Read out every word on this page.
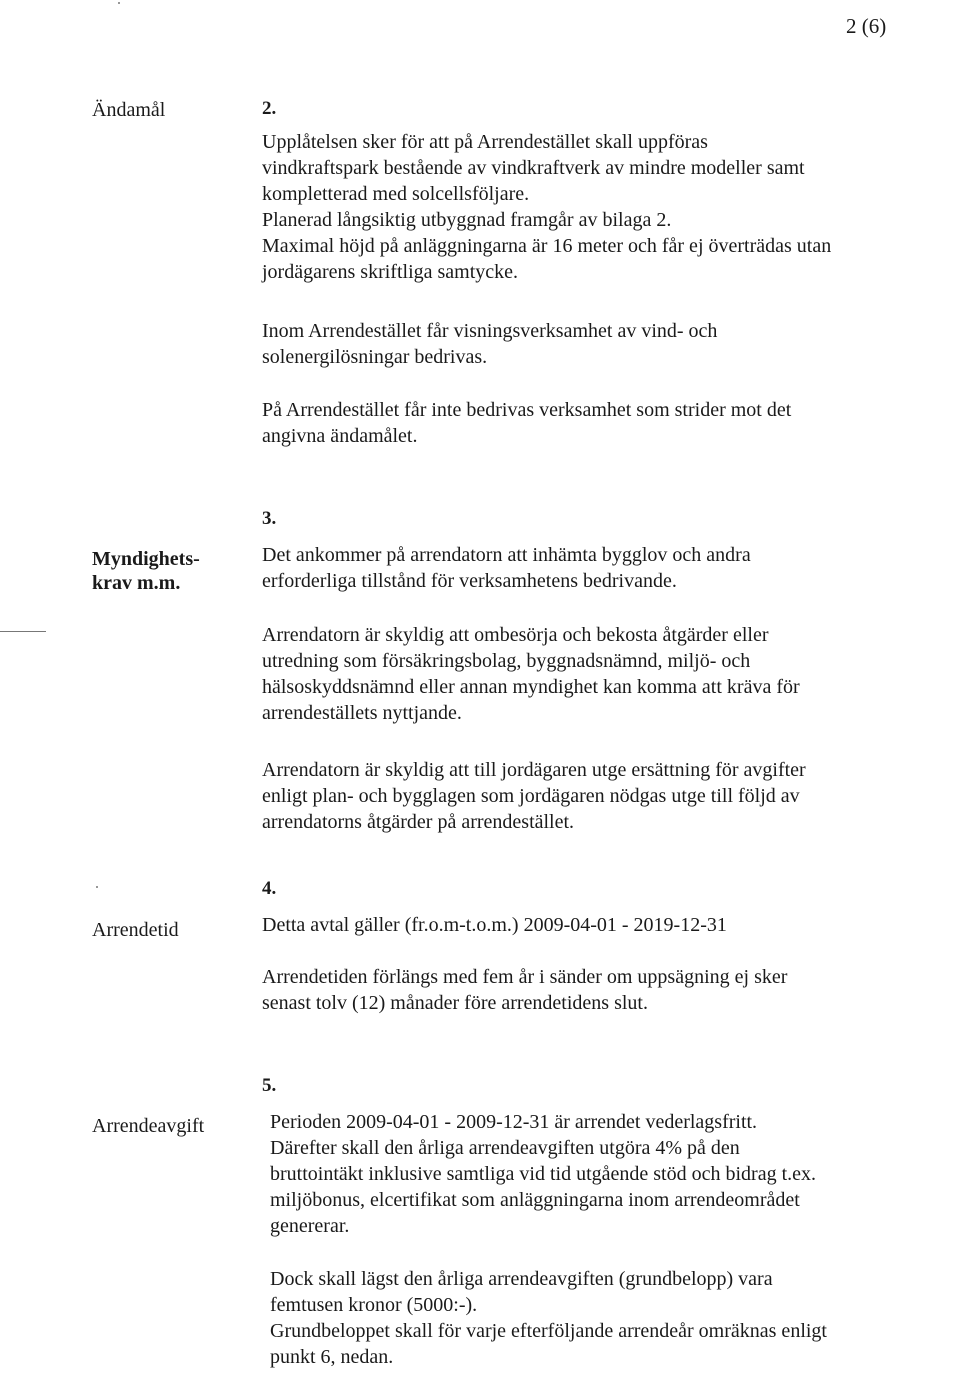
2 (6)
Ändamål	2.

Upplåtelsen sker för att på Arrendestället skall uppföras
vindkraftspark bestående av vindkraftverk av mindre modeller samt
kompletterad med solcellsföljare.
Planerad långsiktig utbyggnad framgår av bilaga 2.
Maximal höjd på anläggningarna är 16 meter och får ej överträdas utan
jordägarens skriftliga samtycke.

Inom Arrendestället får visningsverksamhet av vind- och
solenergilösningar bedrivas.

På Arrendestället får inte bedrivas verksamhet som strider mot det
angivna ändamålet.

3.
Myndighets-
krav m.m.

Det ankommer på arrendatorn att inhämta bygglov och andra
erforderliga tillstånd för verksamhetens bedrivande.

Arrendatorn är skyldig att ombesörja och bekosta åtgärder eller
utredning som försäkringsbolag, byggnadsnämnd, miljö- och
hälsoskyddsnämnd eller annan myndighet kan komma att kräva för
arrendeställets nyttjande.

Arrendatorn är skyldig att till jordägaren utge ersättning för avgifter
enligt plan- och bygglagen som jordägaren nödgas utge till följd av
arrendatorns åtgärder på arrendestället.

4.
Arrendetid	Detta avtal gäller (fr.o.m-t.o.m.) 2009-04-01 - 2019-12-31

Arrendetiden förlängs med fem år i sänder om uppsägning ej sker
senast tolv (12) månader före arrendetidens slut.

5.
Arrendeavgift	Perioden 2009-04-01 - 2009-12-31 är arrendet vederlagsfritt.
Därefter skall den årliga arrendeavgiften utgöra 4% på den
bruttointäkt inklusive samtliga vid tid utgående stöd och bidrag t.ex.
miljöbonus, elcertifikat som anläggningarna inom arrendeområdet
genererar.

Dock skall lägst den årliga arrendeavgiften (grundbelopp) vara
femtusen kronor (5000:-).
Grundbeloppet skall för varje efterföljande arrendeår omräknas enligt
punkt 6, nedan.
